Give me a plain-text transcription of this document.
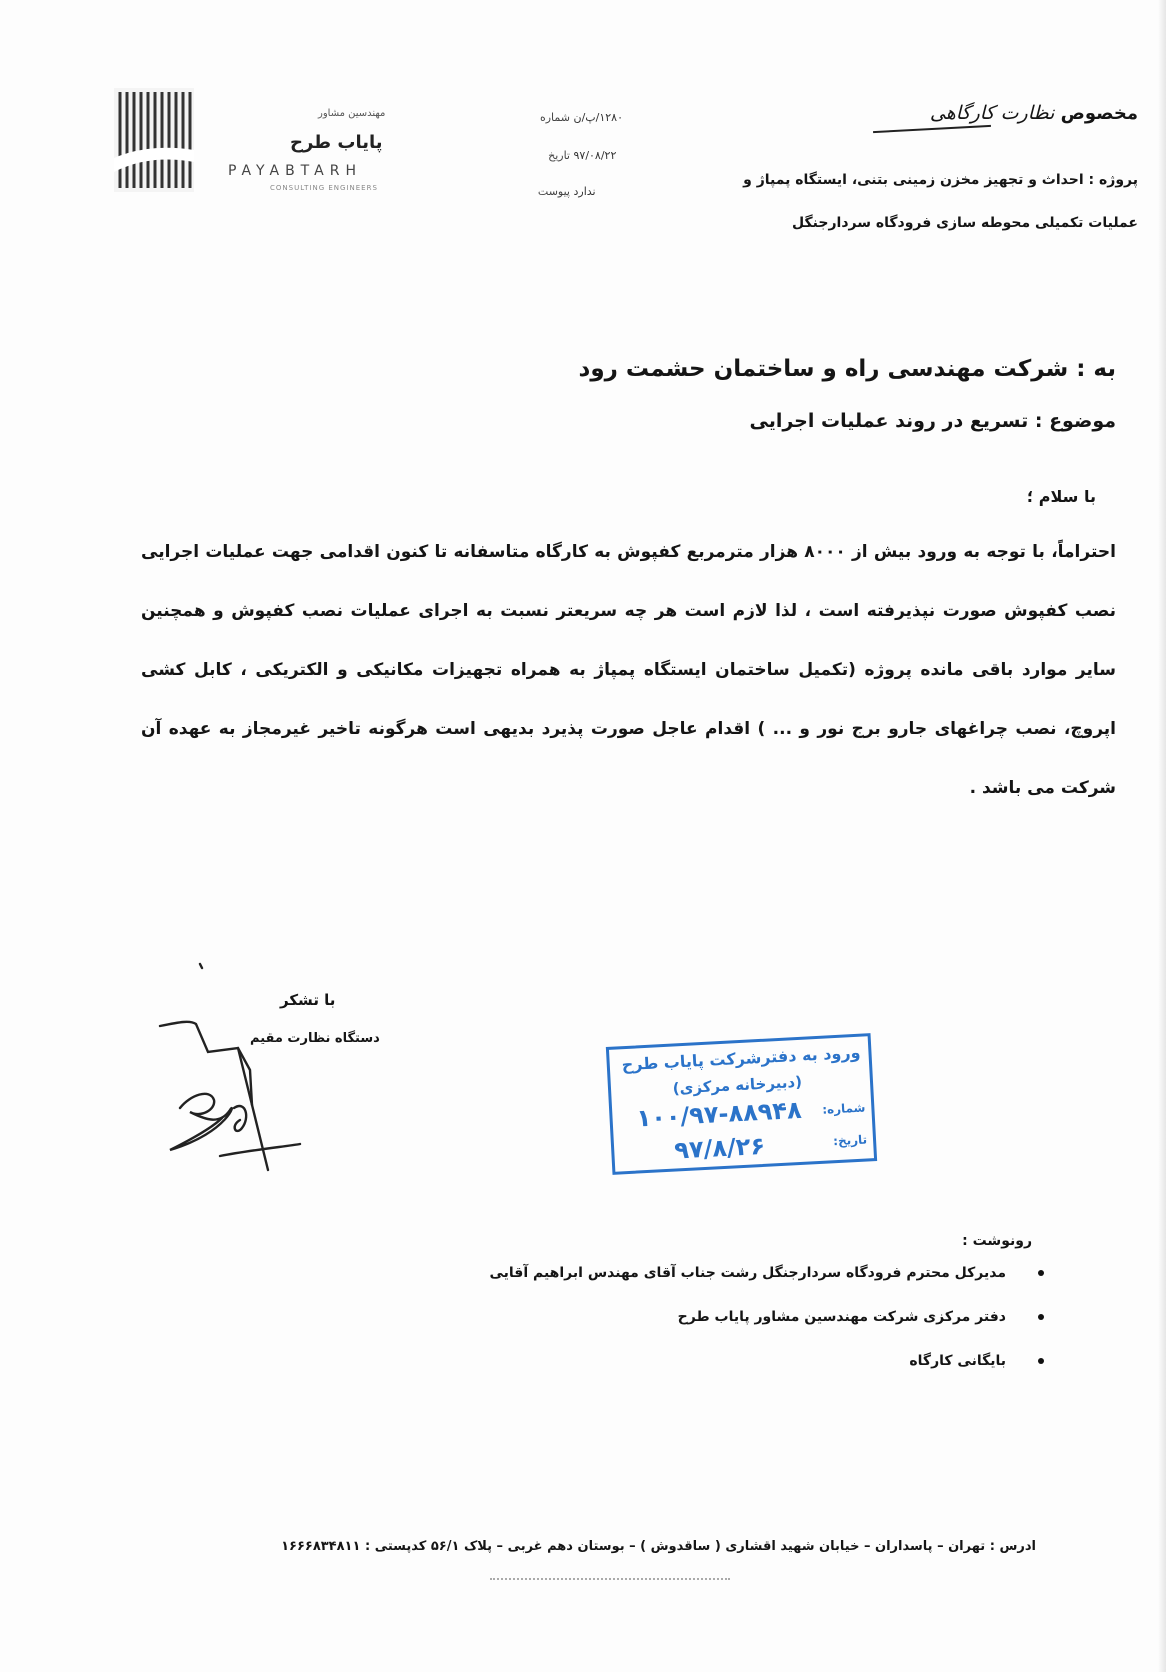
مهندسین مشاور
پایاب طرح
PAYABTARH
CONSULTING ENGINEERS
شماره ۱۲۸۰/پ/ن
تاریخ ۹۷/۰۸/۲۲
پیوست ندارد
مخصوص نظارت کارگاهی
پروژه : احداث و تجهیز مخزن زمینی بتنی، ایستگاه پمپاژ و
عملیات تکمیلی محوطه سازی فرودگاه سردارجنگل
به : شرکت مهندسی راه و ساختمان حشمت رود
موضوع : تسریع در روند عملیات اجرایی
با سلام ؛
احتراماً، با توجه به ورود بیش از ۸۰۰۰ هزار مترمربع کفپوش به کارگاه متاسفانه تا کنون اقدامی جهت عملیات اجرایی نصب کفپوش صورت نپذیرفته است ، لذا لازم است هر چه سریعتر نسبت به اجرای عملیات نصب کفپوش و همچنین سایر موارد باقی مانده پروژه (تکمیل ساختمان ایستگاه پمپاژ به همراه تجهیزات مکانیکی و الکتریکی ، کابل کشی اپروچ، نصب چراغهای جارو برج نور و ... ) اقدام عاجل صورت پذیرد بدیهی است هرگونه تاخیر غیرمجاز به عهده آن شرکت می باشد .
با تشکر
دستگاه نظارت مقیم
ورود به دفترشرکت پایاب طرح
(دبیرخانه مرکزی)
شماره:
تاریخ:
۱۰۰/۹۷-۸۸۹۴۸
۹۷/۸/۲۶
رونوشت :
مدیرکل محترم فرودگاه سردارجنگل رشت جناب آقای مهندس ابراهیم آقایی
دفتر مرکزی شرکت مهندسین مشاور پایاب طرح
بایگانی کارگاه
ادرس : تهران – پاسداران – خیابان شهید اقشاری ( ساقدوش ) – بوستان دهم غربی – پلاک ۵۶/۱ کدپستی : ۱۶۶۶۸۳۴۸۱۱
